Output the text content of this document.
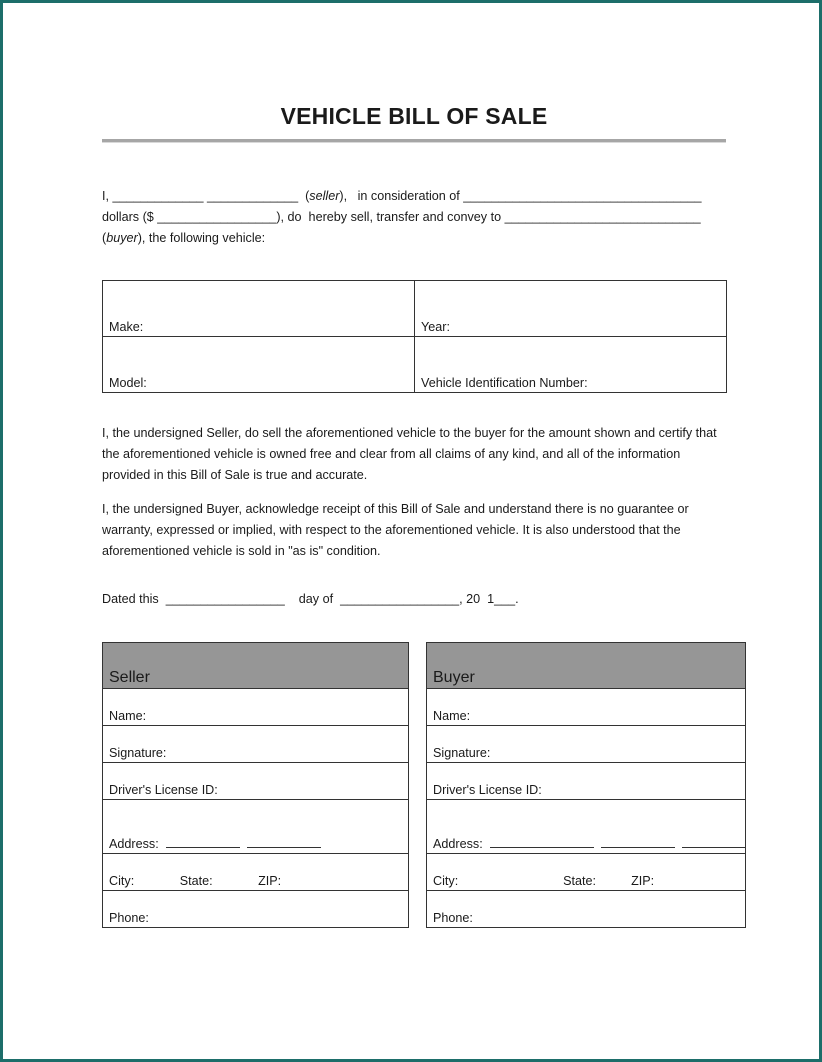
VEHICLE BILL OF SALE
I, _____________ _____________  (seller),   in consideration of __________________________________
dollars ($ _________________), do  hereby sell, transfer and convey to ____________________________
(buyer), the following vehicle:
Make:	Year:
Model:	Vehicle Identification Number:
I, the undersigned Seller, do sell the aforementioned vehicle to the buyer for the amount shown and certify that the aforementioned vehicle is owned free and clear from all claims of any kind, and all of the information provided in this Bill of Sale is true and accurate.
I, the undersigned Buyer, acknowledge receipt of this Bill of Sale and understand there is no guarantee or warranty, expressed or implied, with respect to the aforementioned vehicle. It is also understood that the aforementioned vehicle is sold in "as is" condition.
Dated this  _________________    day of  _________________, 20  1___.
Seller
Name:
Signature:
Driver's License ID:
Address:
City:	State:	ZIP:
Phone:
Buyer
Name:
Signature:
Driver's License ID:
Address:
City:	State:	ZIP:
Phone:
